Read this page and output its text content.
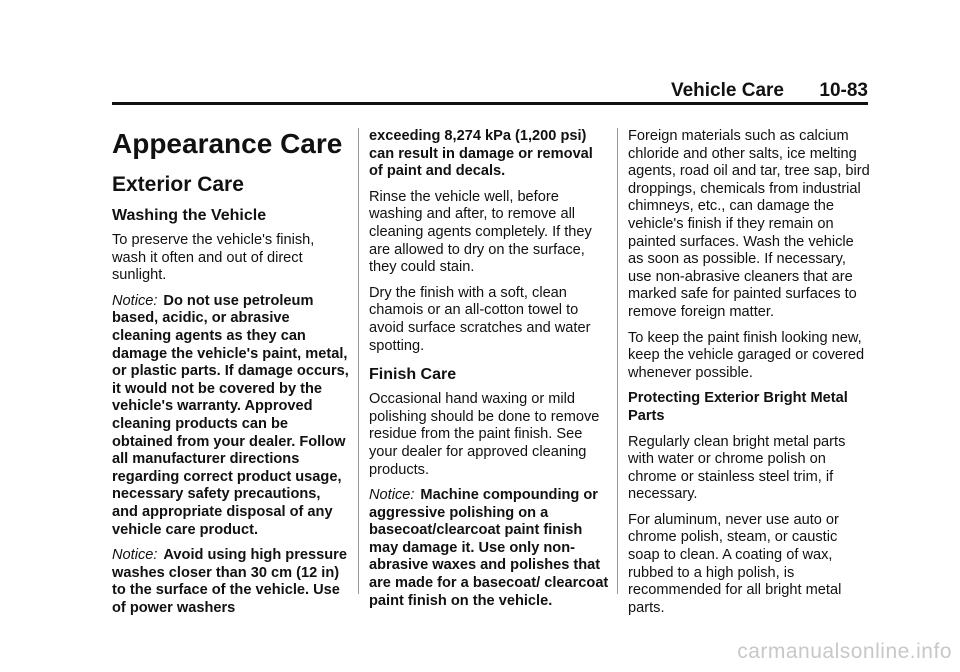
Vehicle Care 10-83
Appearance Care
Exterior Care
Washing the Vehicle

To preserve the vehicle's finish, wash it often and out of direct sunlight.

Notice: Do not use petroleum based, acidic, or abrasive cleaning agents as they can damage the vehicle's paint, metal, or plastic parts. If damage occurs, it would not be covered by the vehicle's warranty. Approved cleaning products can be obtained from your dealer. Follow all manufacturer directions regarding correct product usage, necessary safety precautions, and appropriate disposal of any vehicle care product.

Notice: Avoid using high pressure washes closer than 30 cm (12 in) to the surface of the vehicle. Use of power washers

exceeding 8,274 kPa (1,200 psi) can result in damage or removal of paint and decals.

Rinse the vehicle well, before washing and after, to remove all cleaning agents completely. If they are allowed to dry on the surface, they could stain.

Dry the finish with a soft, clean chamois or an all-cotton towel to avoid surface scratches and water spotting.

Finish Care

Occasional hand waxing or mild polishing should be done to remove residue from the paint finish. See your dealer for approved cleaning products.

Notice: Machine compounding or aggressive polishing on a basecoat/clearcoat paint finish may damage it. Use only non-abrasive waxes and polishes that are made for a basecoat/ clearcoat paint finish on the vehicle.

Foreign materials such as calcium chloride and other salts, ice melting agents, road oil and tar, tree sap, bird droppings, chemicals from industrial chimneys, etc., can damage the vehicle's finish if they remain on painted surfaces. Wash the vehicle as soon as possible. If necessary, use non-abrasive cleaners that are marked safe for painted surfaces to remove foreign matter.

To keep the paint finish looking new, keep the vehicle garaged or covered whenever possible.

Protecting Exterior Bright Metal Parts

Regularly clean bright metal parts with water or chrome polish on chrome or stainless steel trim, if necessary.

For aluminum, never use auto or chrome polish, steam, or caustic soap to clean. A coating of wax, rubbed to a high polish, is recommended for all bright metal parts.

carmanualsonline.info
